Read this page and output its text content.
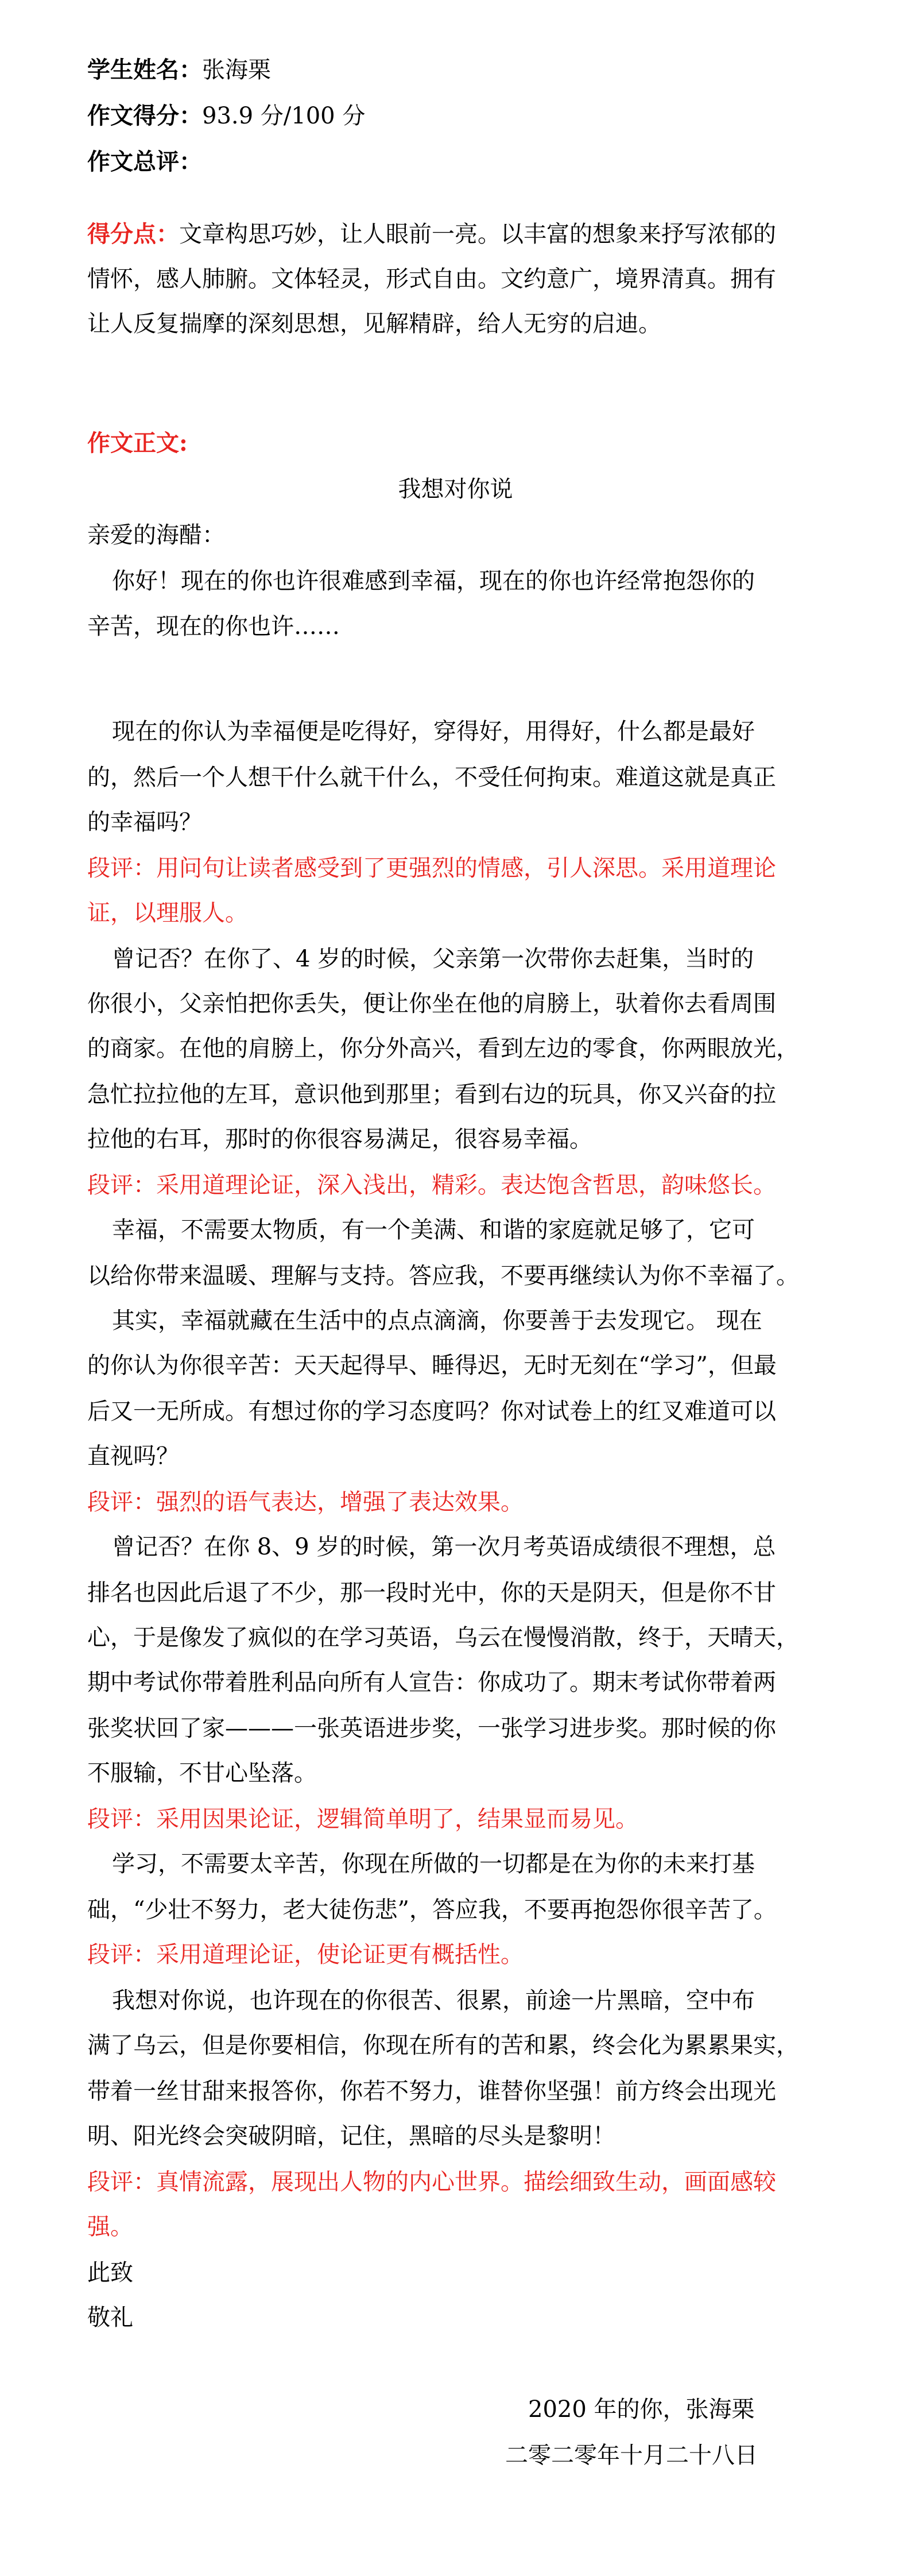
学生姓名：张海栗
作文得分：93.9 分/100 分
作文总评：
得分点：文章构思巧妙，让人眼前一亮。以丰富的想象来抒写浓郁的
情怀，感人肺腑。文体轻灵，形式自由。文约意广，境界清真。拥有
让人反复揣摩的深刻思想，见解精辟，给人无穷的启迪。
作文正文:
我想对你说
亲爱的海醋：
你好！现在的你也许很难感到幸福，现在的你也许经常抱怨你的
辛苦，现在的你也许……
现在的你认为幸福便是吃得好，穿得好，用得好，什么都是最好
的，然后一个人想干什么就干什么，不受任何拘束。难道这就是真正
的幸福吗？
段评：用问句让读者感受到了更强烈的情感，引人深思。采用道理论
证，以理服人。
曾记否？在你了、4 岁的时候，父亲第一次带你去赶集，当时的
你很小，父亲怕把你丢失，便让你坐在他的肩膀上，驮着你去看周围
的商家。在他的肩膀上，你分外高兴，看到左边的零食，你两眼放光，
急忙拉拉他的左耳，意识他到那里；看到右边的玩具，你又兴奋的拉
拉他的右耳，那时的你很容易满足，很容易幸福。
段评：采用道理论证，深入浅出，精彩。表达饱含哲思，韵味悠长。
幸福，不需要太物质，有一个美满、和谐的家庭就足够了，它可
以给你带来温暖、理解与支持。答应我，不要再继续认为你不幸福了。
其实，幸福就藏在生活中的点点滴滴，你要善于去发现它。 现在
的你认为你很辛苦：天天起得早、睡得迟，无时无刻在“学习”，但最
后又一无所成。有想过你的学习态度吗？你对试卷上的红叉难道可以
直视吗？
段评：强烈的语气表达，增强了表达效果。
曾记否？在你 8、9 岁的时候，第一次月考英语成绩很不理想，总
排名也因此后退了不少，那一段时光中，你的天是阴天，但是你不甘
心，于是像发了疯似的在学习英语，乌云在慢慢消散，终于，天晴天，
期中考试你带着胜利品向所有人宣告：你成功了。期末考试你带着两
张奖状回了家———一张英语进步奖，一张学习进步奖。那时候的你
不服输，不甘心坠落。
段评：采用因果论证，逻辑简单明了，结果显而易见。
学习，不需要太辛苦，你现在所做的一切都是在为你的未来打基
础，“少壮不努力，老大徒伤悲”，答应我，不要再抱怨你很辛苦了。
段评：采用道理论证，使论证更有概括性。
我想对你说，也许现在的你很苦、很累，前途一片黑暗，空中布
满了乌云，但是你要相信，你现在所有的苦和累，终会化为累累果实，
带着一丝甘甜来报答你，你若不努力，谁替你坚强！前方终会出现光
明、阳光终会突破阴暗，记住，黑暗的尽头是黎明！
段评：真情流露，展现出人物的内心世界。描绘细致生动，画面感较
强。
此致
敬礼
2020 年的你，张海栗
二零二零年十月二十八日
